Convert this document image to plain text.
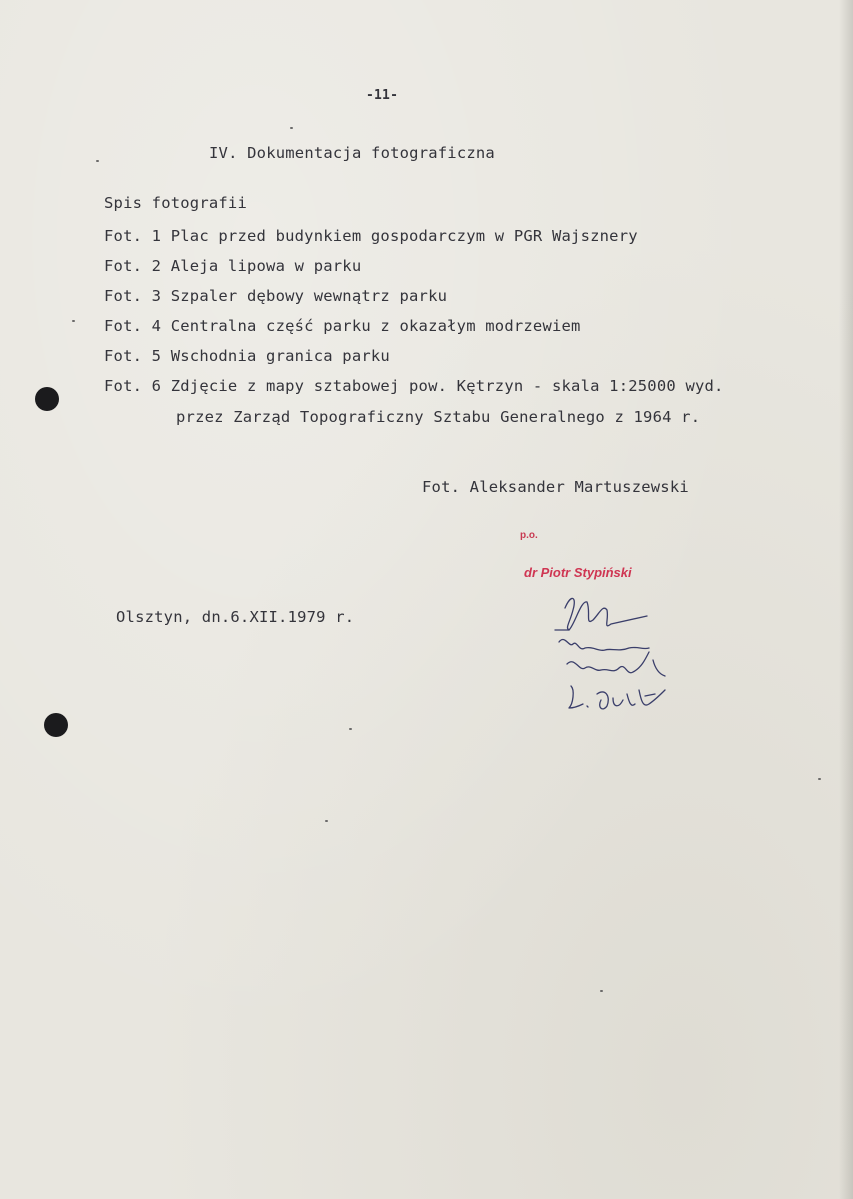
-11-
IV. Dokumentacja fotograficzna
Spis fotografii
Fot. 1 Plac przed budynkiem gospodarczym w PGR Wajsznery
Fot. 2 Aleja lipowa w parku
Fot. 3 Szpaler dębowy wewnątrz parku
Fot. 4 Centralna część parku z okazałym modrzewiem
Fot. 5 Wschodnia granica parku
Fot. 6 Zdjęcie z mapy sztabowej pow. Kętrzyn - skala 1:25000 wyd.
przez Zarząd Topograficzny Sztabu Generalnego z 1964 r.
Fot. Aleksander Martuszewski
p.o.
dr Piotr Stypiński
Olsztyn, dn.6.XII.1979 r.
